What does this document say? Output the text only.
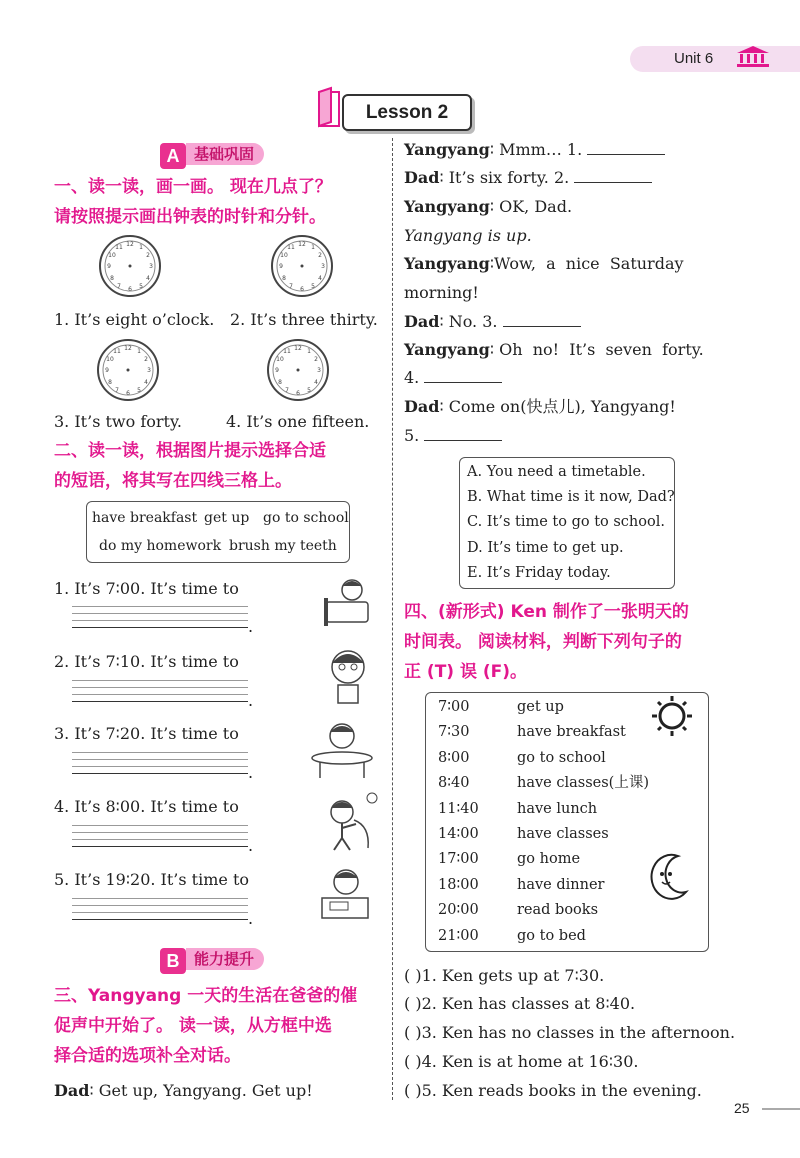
Unit 6
Lesson 2
A 基础巩固
一、读一读，画一画。 现在几点了？
请按照提示画出钟表的时针和分针。
12
3
6
9
1
2
4
5
7
8
10
11	12
3
6
9
1
2
4
5
7
8
10
11
1. It’s eight o’clock. 2. It’s three thirty.
12
3
6
9
1
2
4
5
7
8
10
11	12
3
6
9
1
2
4
5
7
8
10
11
3. It’s two forty.	4. It’s one fifteen.
二、读一读，根据图片提示选择合适
的短语，将其写在四线三格上。
have breakfast get up go to school
do my homework brush my teeth
1. It’s 7∶00. It’s time to
.
2. It’s 7∶10. It’s time to
.
3. It’s 7∶20. It’s time to
.
4. It’s 8∶00. It’s time to
.
5. It’s 19∶20. It’s time to
.
B 能力提升
三、Yangyang 一天的生活在爸爸的催
促声中开始了。 读一读，从方框中选
择合适的选项补全对话。
Dad∶ Get up, Yangyang. Get up!
Yangyang∶ Mmm… 1.
Dad∶ It’s six forty. 2.
Yangyang∶ OK, Dad.
Yangyang is up.
Yangyang∶Wow,  a  nice  Saturday
morning!
Dad∶ No. 3.
Yangyang∶ Oh  no!  It’s  seven  forty.
4.
Dad∶ Come on(快点儿), Yangyang!
5.
A. You need a timetable.
B. What time is it now, Dad?
C. It’s time to go to school.
D. It’s time to get up.
E. It’s Friday today.
四、(新形式) Ken 制作了一张明天的
时间表。 阅读材料，判断下列句子的
正 (T) 误 (F)。
7∶00	get up
7∶30	have breakfast
8∶00	go to school
8∶40	have classes(上课)
11∶40	have lunch
14∶00	have classes
17∶00	go home
18∶00	have dinner
20∶00	read books
21∶00	go to bed
( )1. Ken gets up at 7∶30.
( )2. Ken has classes at 8∶40.
( )3. Ken has no classes in the afternoon.
( )4. Ken is at home at 16∶30.
( )5. Ken reads books in the evening.
25
